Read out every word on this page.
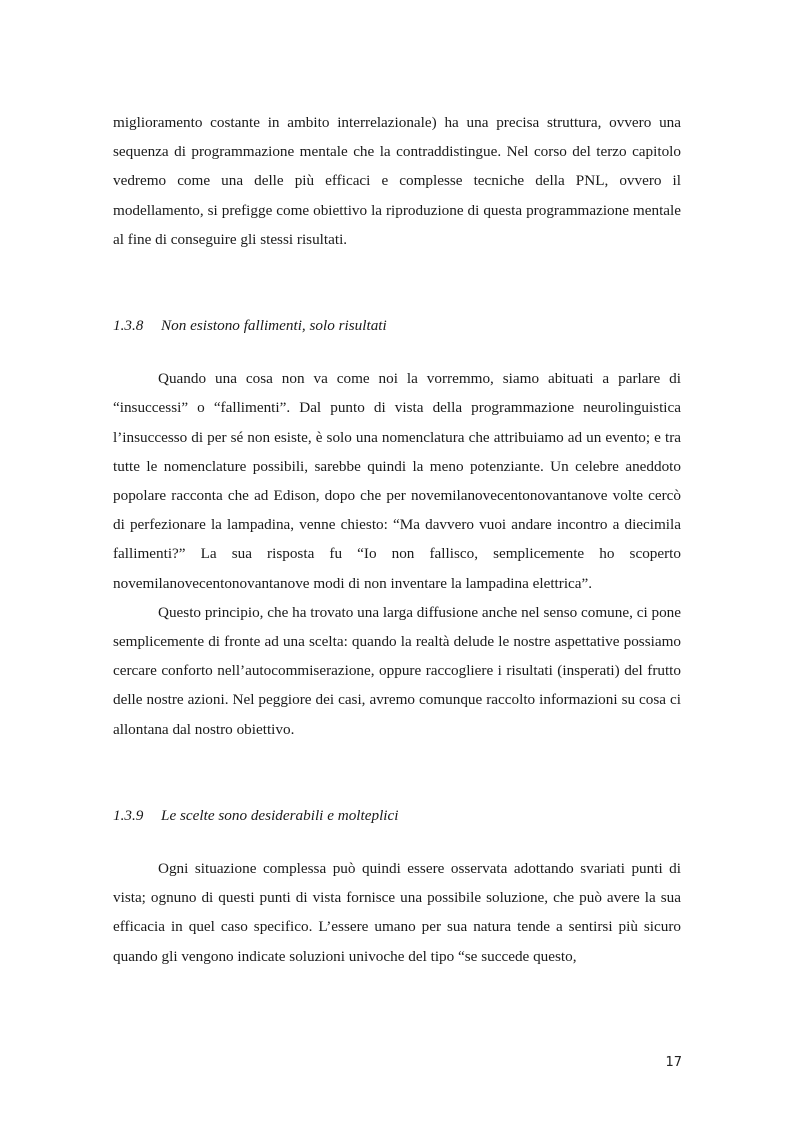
miglioramento costante in ambito interrelazionale) ha una precisa struttura, ovvero una sequenza di programmazione mentale che la contraddistingue. Nel corso del terzo capitolo vedremo come una delle più efficaci e complesse tecniche della PNL, ovvero il modellamento, si prefigge come obiettivo la riproduzione di questa programmazione mentale al fine di conseguire gli stessi risultati.

1.3.8 Non esistono fallimenti, solo risultati

Quando una cosa non va come noi la vorremmo, siamo abituati a parlare di “insuccessi” o “fallimenti”. Dal punto di vista della programmazione neurolinguistica l’insuccesso di per sé non esiste, è solo una nomenclatura che attribuiamo ad un evento; e tra tutte le nomenclature possibili, sarebbe quindi la meno potenziante. Un celebre aneddoto popolare racconta che ad Edison, dopo che per novemilanovecentonovantanove volte cercò di perfezionare la lampadina, venne chiesto: “Ma davvero vuoi andare incontro a diecimila fallimenti?” La sua risposta fu “Io non fallisco, semplicemente ho scoperto novemilanovecentonovantanove modi di non inventare la lampadina elettrica”.

Questo principio, che ha trovato una larga diffusione anche nel senso comune, ci pone semplicemente di fronte ad una scelta: quando la realtà delude le nostre aspettative possiamo cercare conforto nell’autocommiserazione, oppure raccogliere i risultati (insperati) del frutto delle nostre azioni. Nel peggiore dei casi, avremo comunque raccolto informazioni su cosa ci allontana dal nostro obiettivo.

1.3.9 Le scelte sono desiderabili e molteplici

Ogni situazione complessa può quindi essere osservata adottando svariati punti di vista; ognuno di questi punti di vista fornisce una possibile soluzione, che può avere la sua efficacia in quel caso specifico. L’essere umano per sua natura tende a sentirsi più sicuro quando gli vengono indicate soluzioni univoche del tipo “se succede questo,

17
